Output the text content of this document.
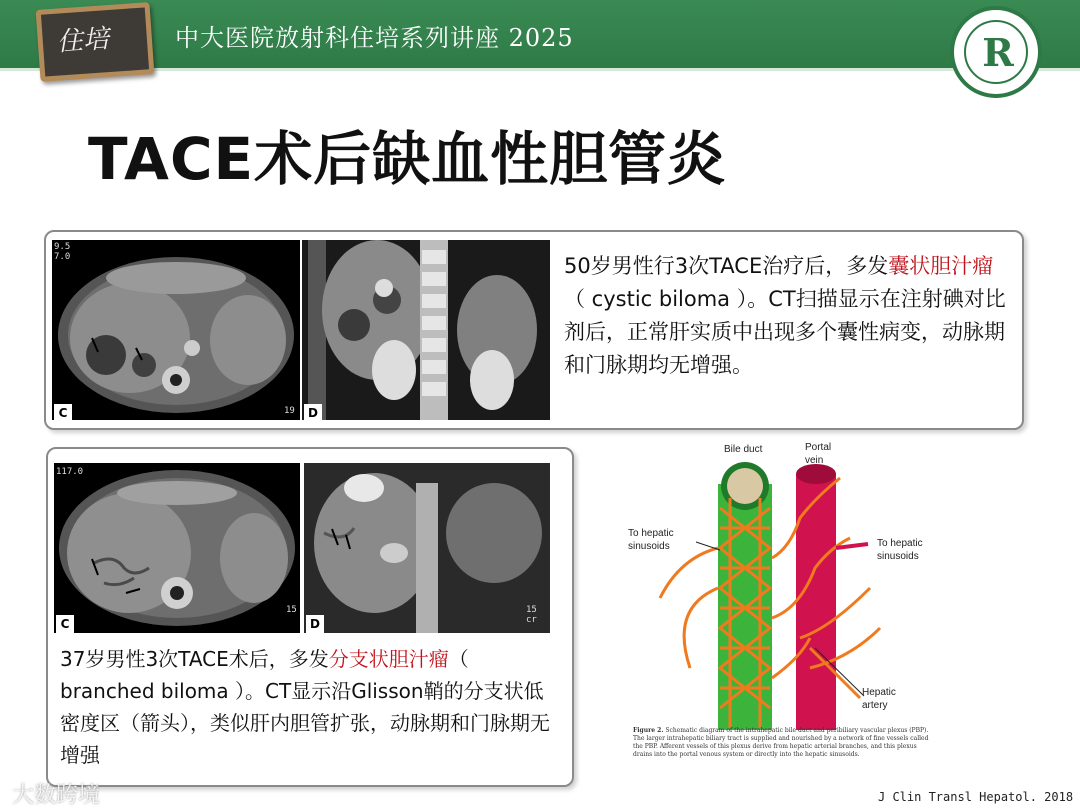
住培	中大医院放射科住培系列讲座 2025	R
TACE术后缺血性胆管炎
9.5
7.0
19
C	D
50岁男性行3次TACE治疗后，多发囊状胆汁瘤（ cystic biloma ）。CT扫描显示在注射碘对比剂后，正常肝实质中出现多个囊性病变，动脉期和门脉期均无增强。
117.0
15
C
15 cr
D
37岁男性3次TACE术后，多发分支状胆汁瘤（ branched biloma ）。CT显示沿Glisson鞘的分支状低密度区（箭头），类似肝内胆管扩张，动脉期和门脉期无增强
Bile duct	Portal
vein
To hepatic
sinusoids	To hepatic
sinusoids
Hepatic
artery
Figure 2. Schematic diagram of the intrahepatic bile duct and peribiliary vascular plexus (PBP). The larger intrahepatic biliary tract is supplied and nourished by a network of fine vessels called the PBP. Afferent vessels of this plexus derive from hepatic arterial branches, and this plexus drains into the portal venous system or directly into the hepatic sinusoids.
J Clin Transl Hepatol. 2018
大数跨境
